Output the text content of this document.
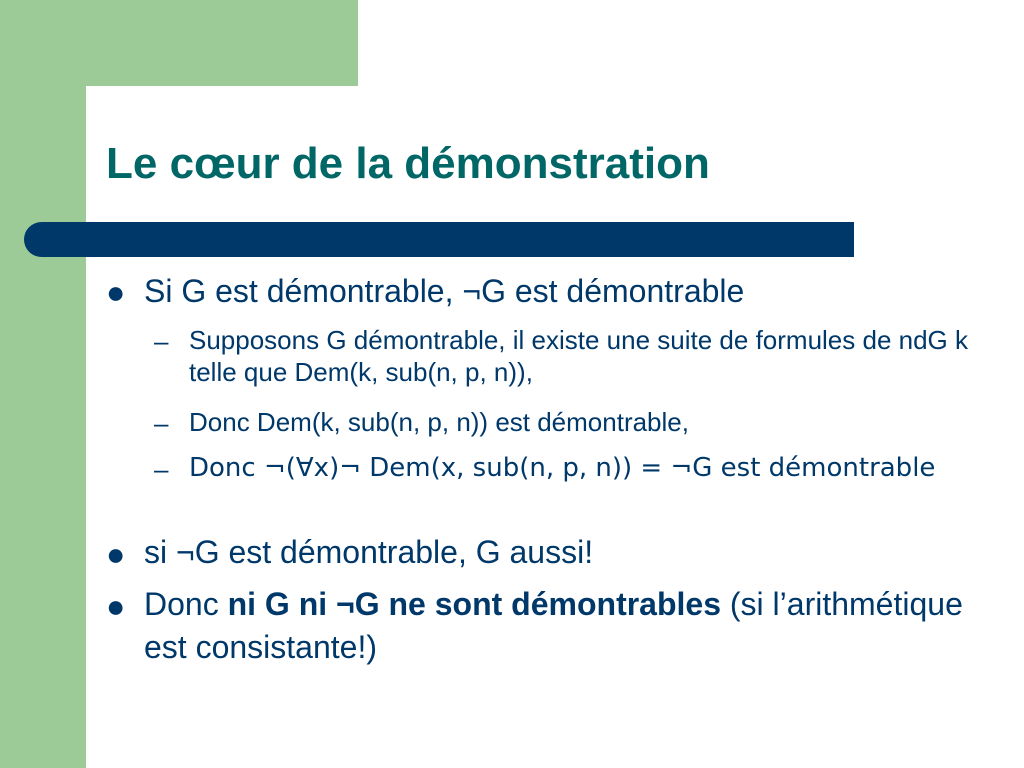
Le cœur de la démonstration
● Si G est démontrable, ¬G est démontrable
– Supposons G démontrable, il existe une suite de formules de ndG k telle que Dem(k, sub(n, p, n)),
– Donc Dem(k, sub(n, p, n)) est démontrable,
– Donc ¬(∀x)¬ Dem(x, sub(n, p, n)) = ¬G est démontrable
● si ¬G est démontrable, G aussi!
● Donc ni G ni ¬G ne sont démontrables (si l’arithmétique est consistante!)
